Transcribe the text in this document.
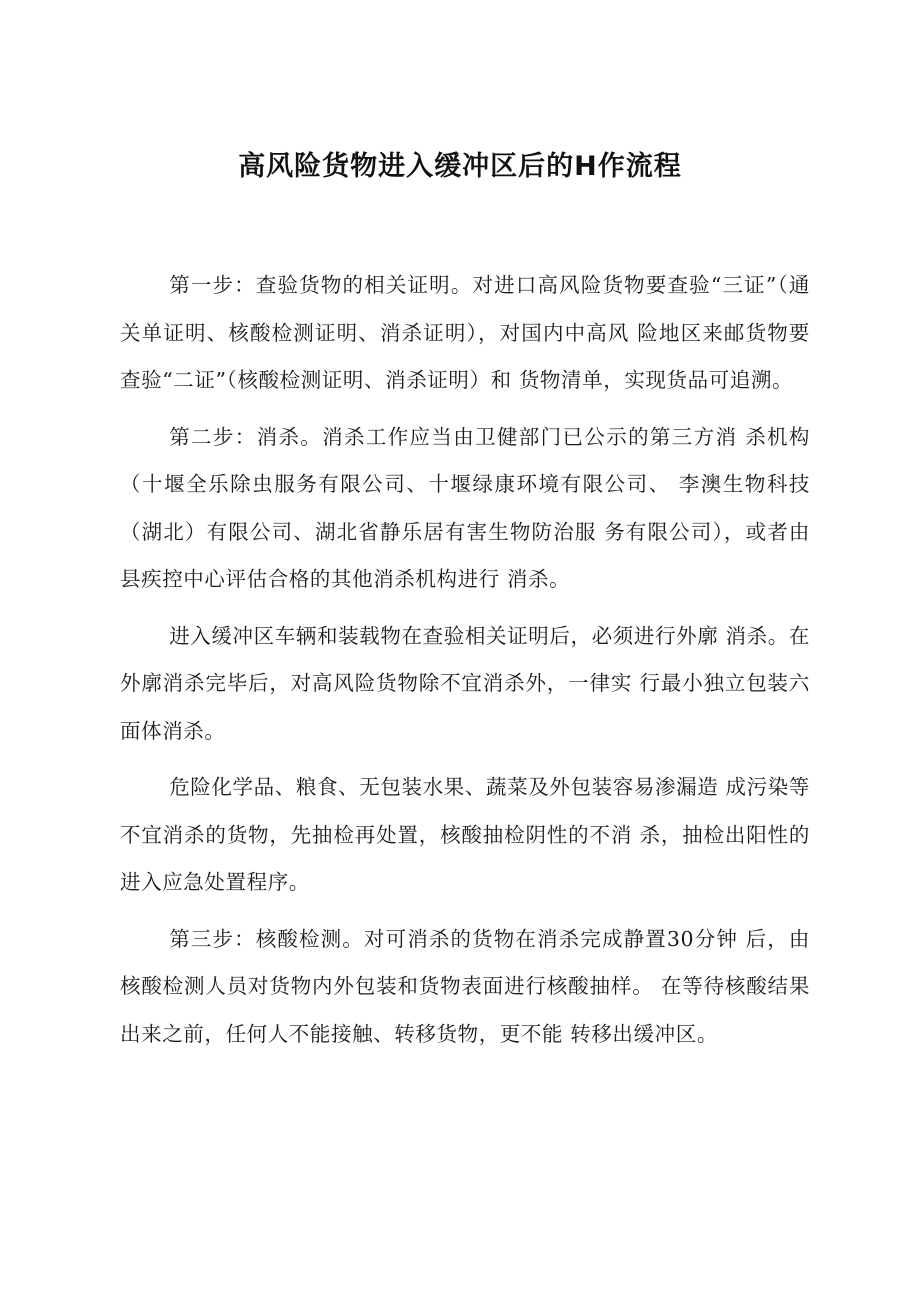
高风险货物进入缓冲区后的H作流程

第一步：查验货物的相关证明。对进口高风险货物要查验“三证”（通关单证明、核酸检测证明、消杀证明），对国内中高风 险地区来邮货物要查验“二证”（核酸检测证明、消杀证明）和 货物清单，实现货品可追溯。

第二步：消杀。消杀工作应当由卫健部门已公示的第三方消 杀机构（十堰全乐除虫服务有限公司、十堰绿康环境有限公司、 李澳生物科技（湖北）有限公司、湖北省静乐居有害生物防治服 务有限公司），或者由县疾控中心评估合格的其他消杀机构进行 消杀。

进入缓冲区车辆和装载物在查验相关证明后，必须进行外廓 消杀。在外廓消杀完毕后，对高风险货物除不宜消杀外，一律实 行最小独立包装六面体消杀。

危险化学品、粮食、无包装水果、蔬菜及外包装容易渗漏造 成污染等不宜消杀的货物，先抽检再处置，核酸抽检阴性的不消 杀，抽检出阳性的进入应急处置程序。

第三步：核酸检测。对可消杀的货物在消杀完成静置30分钟 后，由核酸检测人员对货物内外包装和货物表面进行核酸抽样。 在等待核酸结果出来之前，任何人不能接触、转移货物，更不能 转移出缓冲区。
